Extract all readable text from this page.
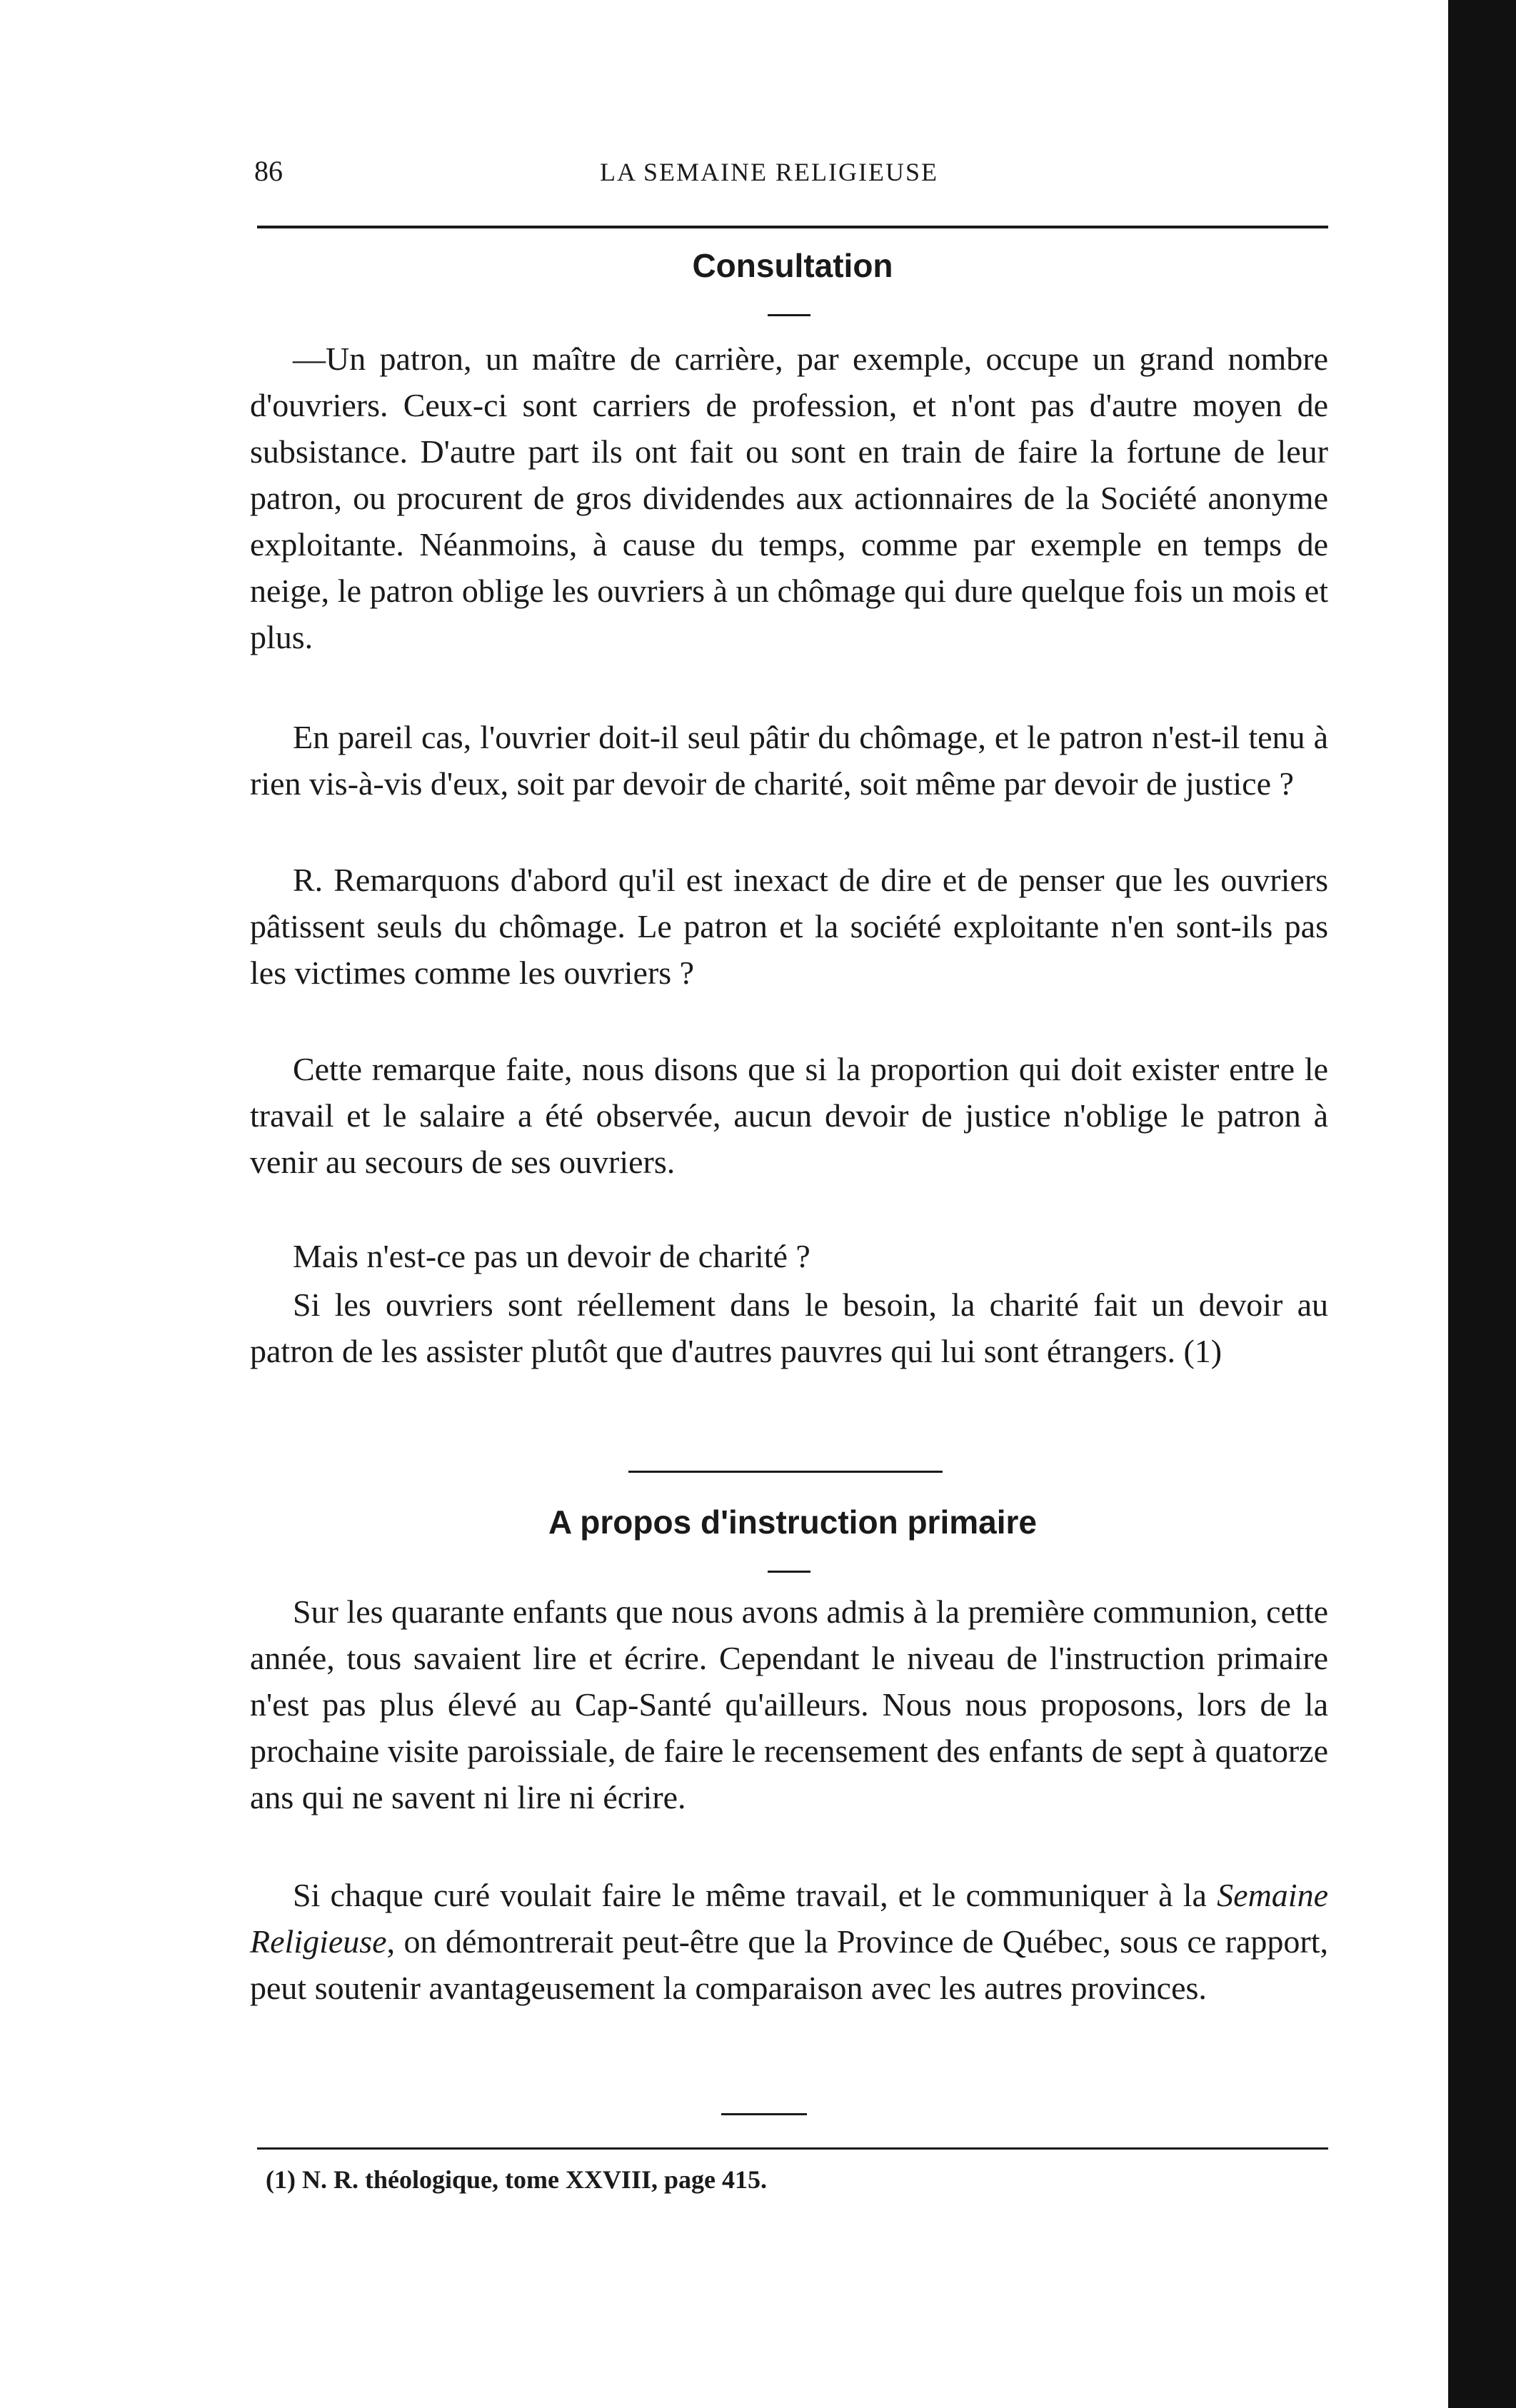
86	LA SEMAINE RELIGIEUSE
Consultation

—Un patron, un maître de carrière, par exemple, occupe un grand nombre d'ouvriers. Ceux-ci sont carriers de profession, et n'ont pas d'autre moyen de subsistance. D'autre part ils ont fait ou sont en train de faire la fortune de leur patron, ou procurent de gros dividendes aux actionnaires de la Société anonyme exploitante. Néanmoins, à cause du temps, comme par exemple en temps de neige, le patron oblige les ouvriers à un chômage qui dure quelque fois un mois et plus.

En pareil cas, l'ouvrier doit-il seul pâtir du chômage, et le patron n'est-il tenu à rien vis-à-vis d'eux, soit par devoir de charité, soit même par devoir de justice ?

R. Remarquons d'abord qu'il est inexact de dire et de penser que les ouvriers pâtissent seuls du chômage. Le patron et la société exploitante n'en sont-ils pas les victimes comme les ouvriers ?

Cette remarque faite, nous disons que si la proportion qui doit exister entre le travail et le salaire a été observée, aucun devoir de justice n'oblige le patron à venir au secours de ses ouvriers.

Mais n'est-ce pas un devoir de charité ?

Si les ouvriers sont réellement dans le besoin, la charité fait un devoir au patron de les assister plutôt que d'autres pauvres qui lui sont étrangers. (1)

A propos d'instruction primaire

Sur les quarante enfants que nous avons admis à la première communion, cette année, tous savaient lire et écrire. Cependant le niveau de l'instruction primaire n'est pas plus élevé au Cap-Santé qu'ailleurs. Nous nous proposons, lors de la prochaine visite paroissiale, de faire le recensement des enfants de sept à quatorze ans qui ne savent ni lire ni écrire.

Si chaque curé voulait faire le même travail, et le communiquer à la Semaine Religieuse, on démontrerait peut-être que la Province de Québec, sous ce rapport, peut soutenir avantageusement la comparaison avec les autres provinces.

(1) N. R. théologique, tome XXVIII, page 415.
